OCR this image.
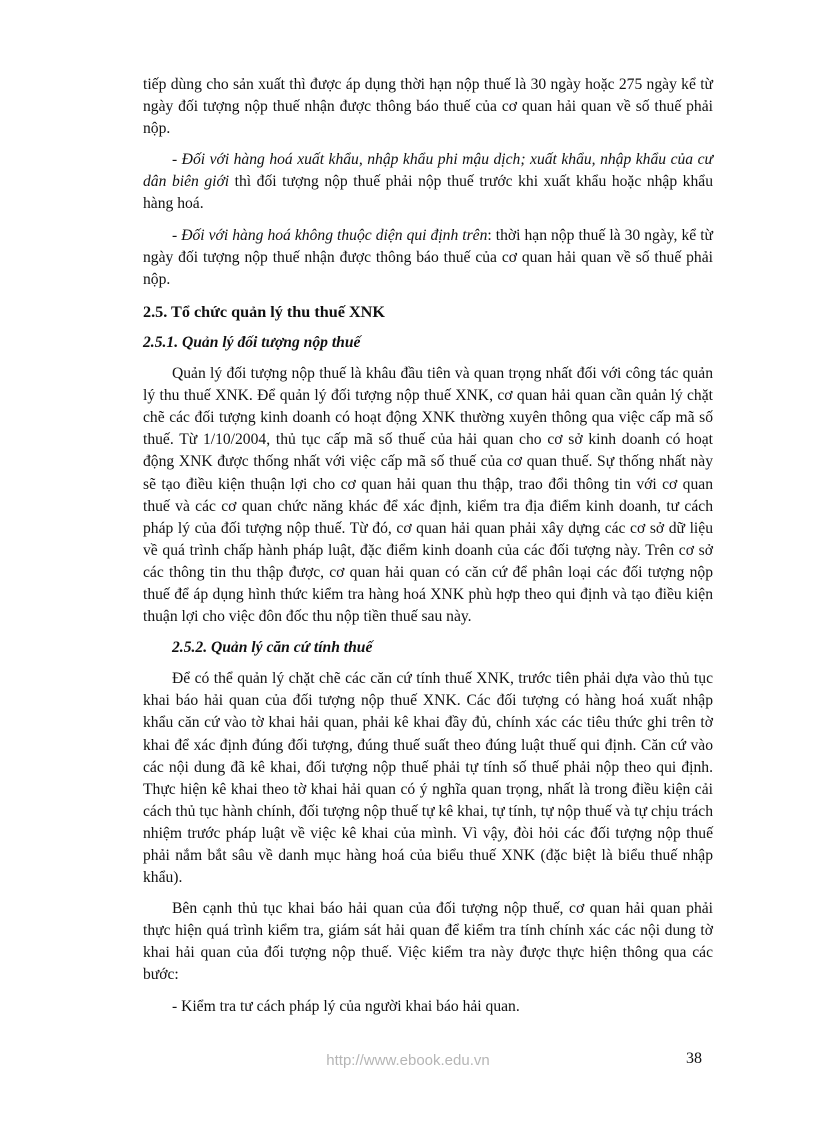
tiếp dùng cho sản xuất thì được áp dụng thời hạn nộp thuế là 30 ngày hoặc 275 ngày kể từ ngày đối tượng nộp thuế nhận được thông báo thuế của cơ quan hải quan về số thuế phải nộp.

- Đối với hàng hoá xuất khẩu, nhập khẩu phi mậu dịch; xuất khẩu, nhập khẩu của cư dân biên giới thì đối tượng nộp thuế phải nộp thuế trước khi xuất khẩu hoặc nhập khẩu hàng hoá.

- Đối với hàng hoá không thuộc diện qui định trên: thời hạn nộp thuế là 30 ngày, kể từ ngày đối tượng nộp thuế nhận được thông báo thuế của cơ quan hải quan về số thuế phải nộp.

2.5. Tổ chức quản lý thu thuế XNK
2.5.1. Quản lý đối tượng nộp thuế

Quản lý đối tượng nộp thuế là khâu đầu tiên và quan trọng nhất đối với công tác quản lý thu thuế XNK. Để quản lý đối tượng nộp thuế XNK, cơ quan hải quan cần quản lý chặt chẽ các đối tượng kinh doanh có hoạt động XNK thường xuyên thông qua việc cấp mã số thuế. Từ 1/10/2004, thủ tục cấp mã số thuế của hải quan cho cơ sở kinh doanh có hoạt động XNK được thống nhất với việc cấp mã số thuế của cơ quan thuế. Sự thống nhất này sẽ tạo điều kiện thuận lợi cho cơ quan hải quan thu thập, trao đổi thông tin với cơ quan thuế và các cơ quan chức năng khác để xác định, kiểm tra địa điểm kinh doanh, tư cách pháp lý của đối tượng nộp thuế. Từ đó, cơ quan hải quan phải xây dựng các cơ sở dữ liệu về quá trình chấp hành pháp luật, đặc điểm kinh doanh của các đối tượng này. Trên cơ sở các thông tin thu thập được, cơ quan hải quan có căn cứ để phân loại các đối tượng nộp thuế để áp dụng hình thức kiểm tra hàng hoá XNK phù hợp theo qui định và tạo điều kiện thuận lợi cho việc đôn đốc thu nộp tiền thuế sau này.

2.5.2. Quản lý căn cứ tính thuế

Để có thể quản lý chặt chẽ các căn cứ tính thuế XNK, trước tiên phải dựa vào thủ tục khai báo hải quan của đối tượng nộp thuế XNK. Các đối tượng có hàng hoá xuất nhập khẩu căn cứ vào tờ khai hải quan, phải kê khai đầy đủ, chính xác các tiêu thức ghi trên tờ khai để xác định đúng đối tượng, đúng thuế suất theo đúng luật thuế qui định. Căn cứ vào các nội dung đã kê khai, đối tượng nộp thuế phải tự tính số thuế phải nộp theo qui định. Thực hiện kê khai theo tờ khai hải quan có ý nghĩa quan trọng, nhất là trong điều kiện cải cách thủ tục hành chính, đối tượng nộp thuế tự kê khai, tự tính, tự nộp thuế và tự chịu trách nhiệm trước pháp luật về việc kê khai của mình. Vì vậy, đòi hỏi các đối tượng nộp thuế phải nắm bắt sâu về danh mục hàng hoá của biểu thuế XNK (đặc biệt là biểu thuế nhập khẩu).

Bên cạnh thủ tục khai báo hải quan của đối tượng nộp thuế, cơ quan hải quan phải thực hiện quá trình kiểm tra, giám sát hải quan để kiểm tra tính chính xác các nội dung tờ khai hải quan của đối tượng nộp thuế. Việc kiểm tra này được thực hiện thông qua các bước:

- Kiểm tra tư cách pháp lý của người khai báo hải quan.

http://www.ebook.edu.vn	38
